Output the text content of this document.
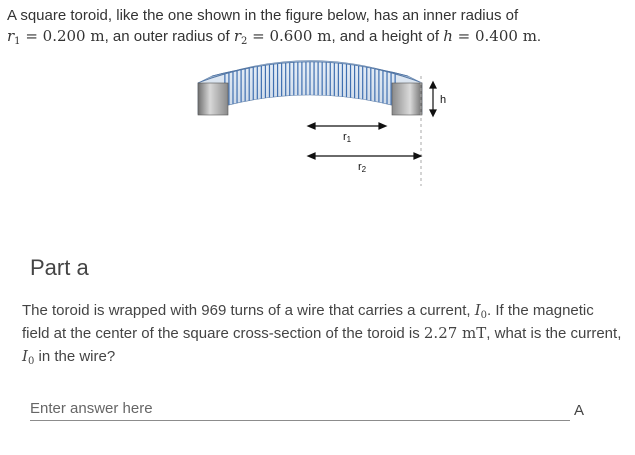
A square toroid, like the one shown in the figure below, has an inner radius of
$r_1 = 0.200$ m, an outer radius of $r_2 = 0.600$ m, and a height of h = 0.400 m.
h
r1
r2
Part a
The toroid is wrapped with 969 turns of a wire that carries a current, $I_0$. If the magnetic field at the center of the square cross-section of the toroid is 2.27 mT, what is the current, $I_0$ in the wire?
Enter answer here
A
